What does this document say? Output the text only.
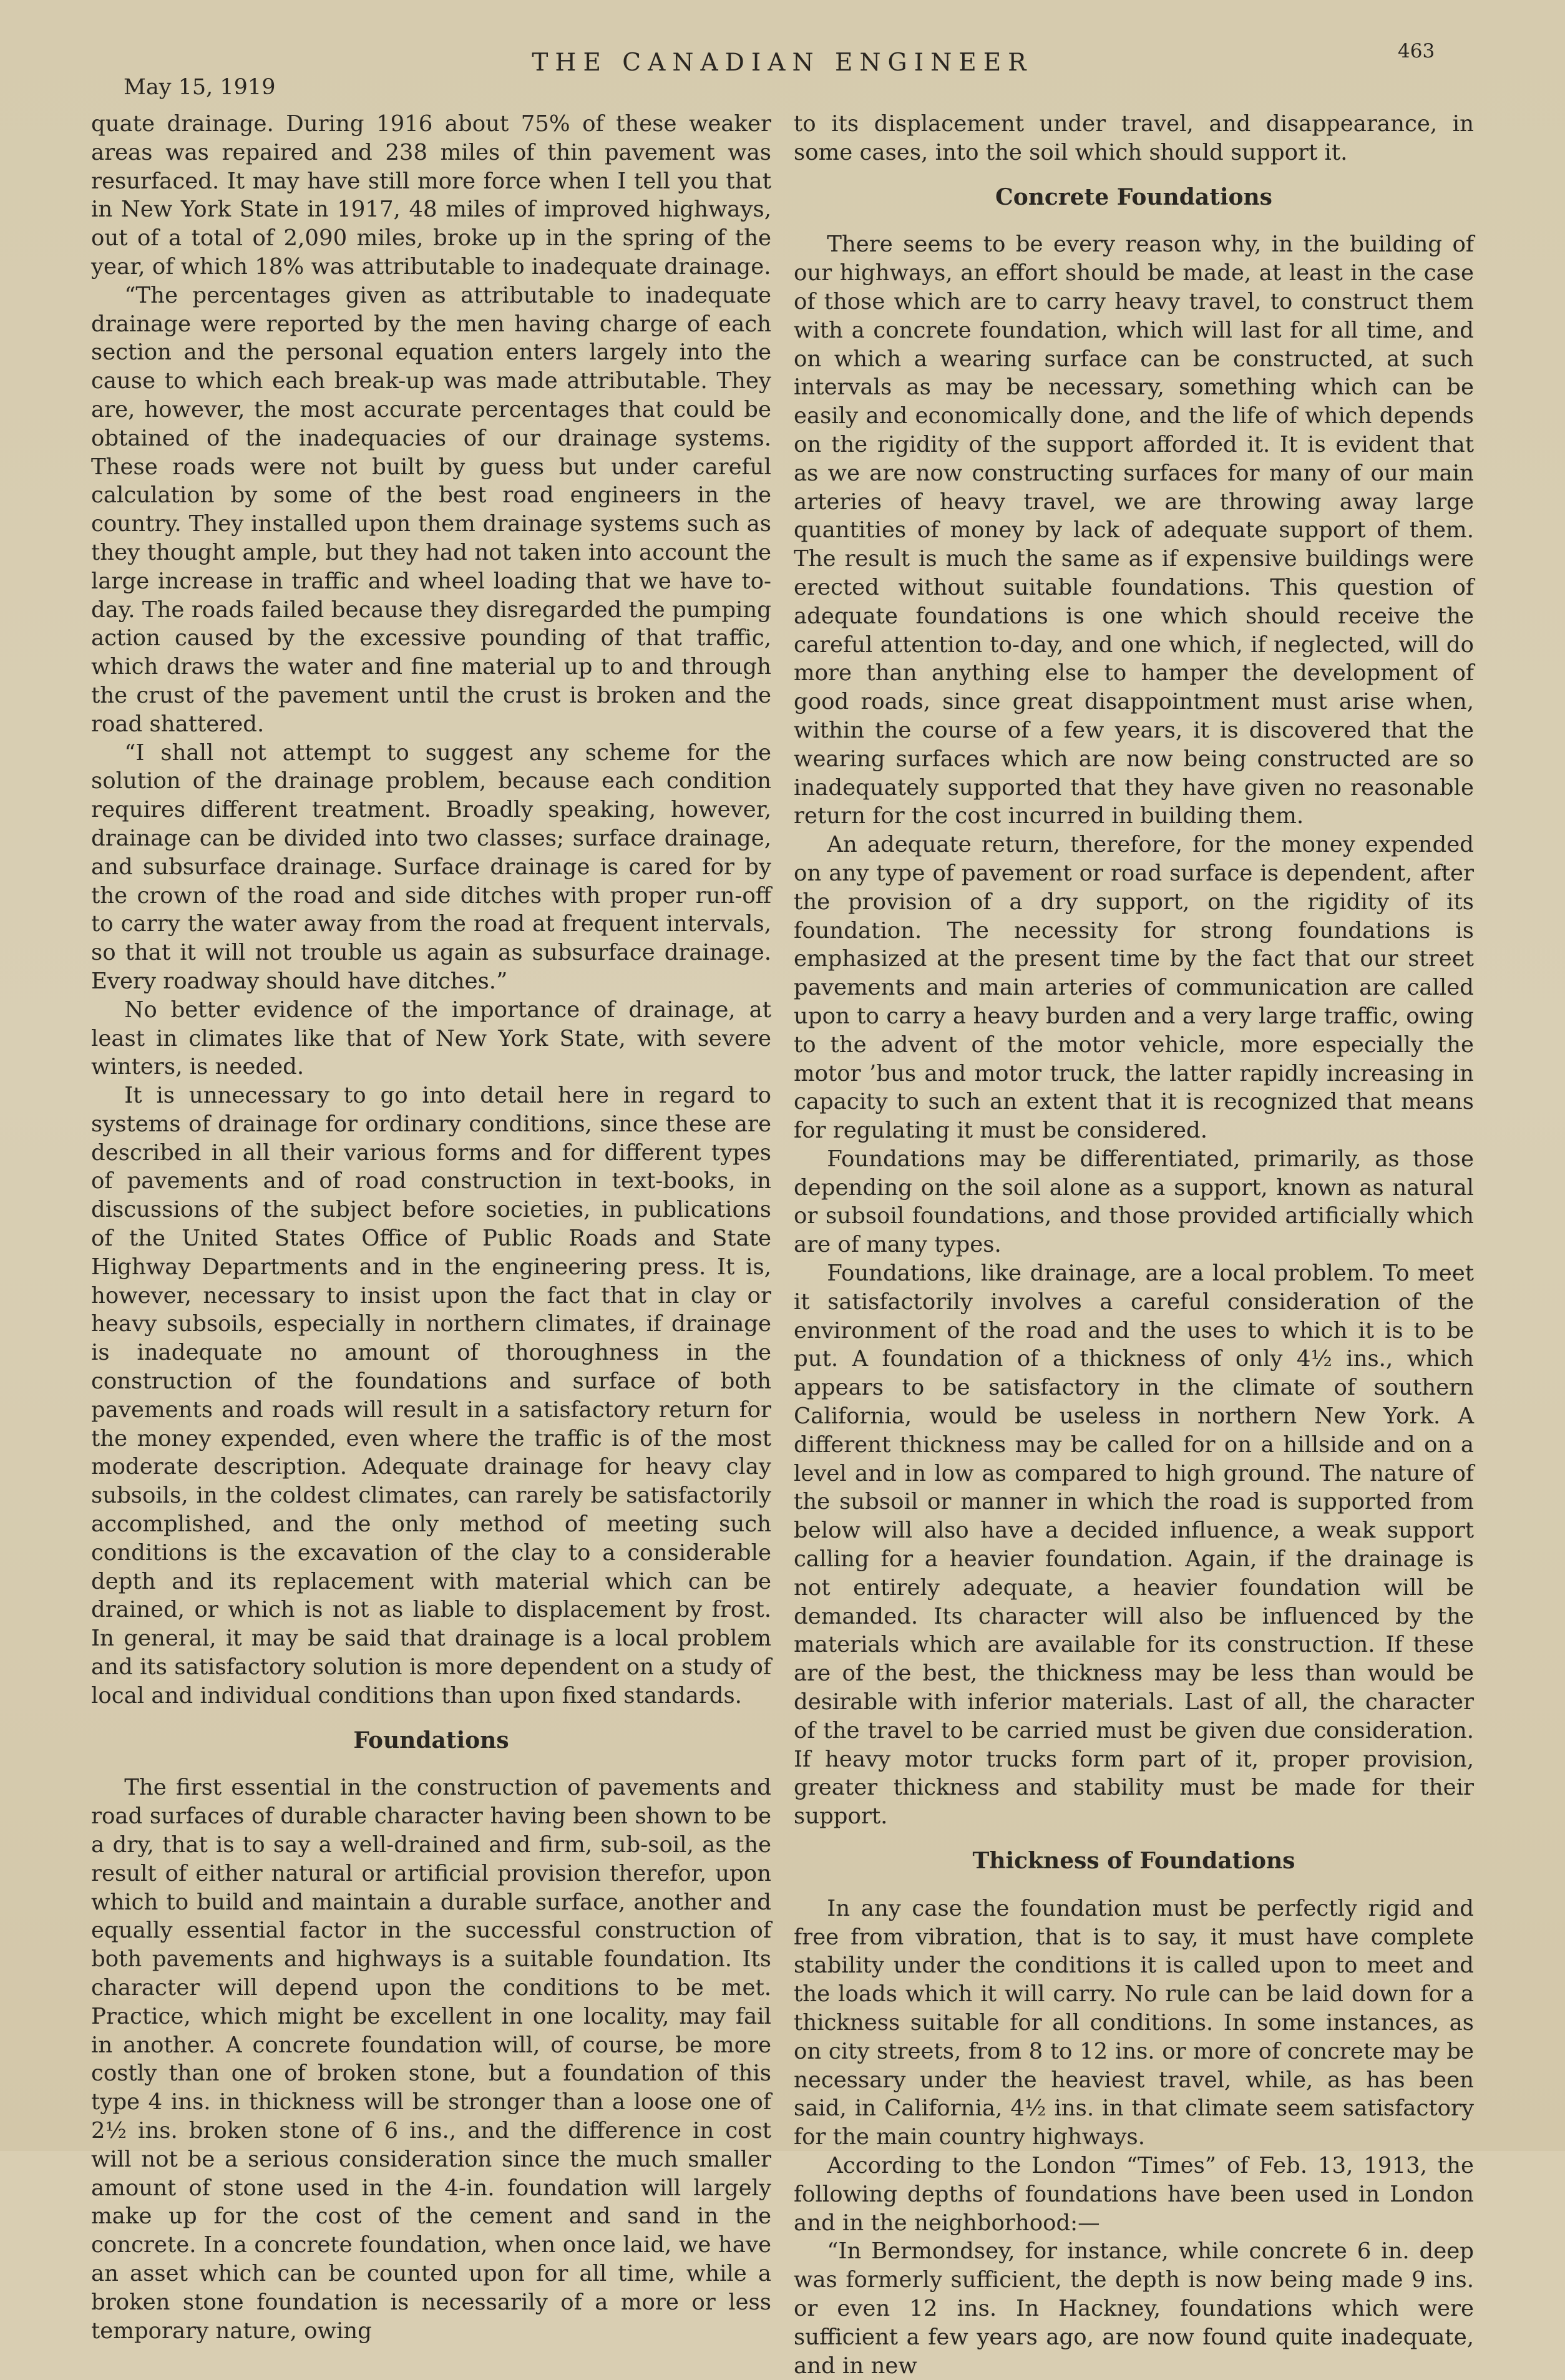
May 15, 1919
THE CANADIAN ENGINEER	463

quate drainage. During 1916 about 75% of these weaker areas was repaired and 238 miles of thin pavement was resurfaced. It may have still more force when I tell you that in New York State in 1917, 48 miles of improved highways, out of a total of 2,090 miles, broke up in the spring of the year, of which 18% was attributable to inadequate drainage.

“The percentages given as attributable to inadequate drainage were reported by the men having charge of each section and the personal equation enters largely into the cause to which each break-up was made attributable. They are, however, the most accurate percentages that could be obtained of the inadequacies of our drainage systems. These roads were not built by guess but under careful calculation by some of the best road engineers in the country. They installed upon them drainage systems such as they thought ample, but they had not taken into account the large increase in traffic and wheel loading that we have to-day. The roads failed because they disregarded the pumping action caused by the excessive pounding of that traffic, which draws the water and fine material up to and through the crust of the pavement until the crust is broken and the road shattered.

“I shall not attempt to suggest any scheme for the solution of the drainage problem, because each condition requires different treatment. Broadly speaking, however, drainage can be divided into two classes; surface drainage, and subsurface drainage. Surface drainage is cared for by the crown of the road and side ditches with proper run-off to carry the water away from the road at frequent intervals, so that it will not trouble us again as subsurface drainage. Every roadway should have ditches.”

No better evidence of the importance of drainage, at least in climates like that of New York State, with severe winters, is needed.

It is unnecessary to go into detail here in regard to systems of drainage for ordinary conditions, since these are described in all their various forms and for different types of pavements and of road construction in text-books, in discussions of the subject before societies, in publications of the United States Office of Public Roads and State Highway Departments and in the engineering press. It is, however, necessary to insist upon the fact that in clay or heavy subsoils, especially in northern climates, if drainage is inadequate no amount of thoroughness in the construction of the foundations and surface of both pavements and roads will result in a satisfactory return for the money expended, even where the traffic is of the most moderate description. Adequate drainage for heavy clay subsoils, in the coldest climates, can rarely be satisfactorily accomplished, and the only method of meeting such conditions is the excavation of the clay to a considerable depth and its replacement with material which can be drained, or which is not as liable to displacement by frost. In general, it may be said that drainage is a local problem and its satisfactory solution is more dependent on a study of local and individual conditions than upon fixed standards.

Foundations

The first essential in the construction of pavements and road surfaces of durable character having been shown to be a dry, that is to say a well-drained and firm, sub-soil, as the result of either natural or artificial provision therefor, upon which to build and maintain a durable surface, another and equally essential factor in the successful construction of both pavements and highways is a suitable foundation. Its character will depend upon the conditions to be met. Practice, which might be excellent in one locality, may fail in another. A concrete foundation will, of course, be more costly than one of broken stone, but a foundation of this type 4 ins. in thickness will be stronger than a loose one of 2½ ins. broken stone of 6 ins., and the difference in cost will not be a serious consideration since the much smaller amount of stone used in the 4-in. foundation will largely make up for the cost of the cement and sand in the concrete. In a concrete foundation, when once laid, we have an asset which can be counted upon for all time, while a broken stone foundation is necessarily of a more or less temporary nature, owing

to its displacement under travel, and disappearance, in some cases, into the soil which should support it.

Concrete Foundations

There seems to be every reason why, in the building of our highways, an effort should be made, at least in the case of those which are to carry heavy travel, to construct them with a concrete foundation, which will last for all time, and on which a wearing surface can be constructed, at such intervals as may be necessary, something which can be easily and economically done, and the life of which depends on the rigidity of the support afforded it. It is evident that as we are now constructing surfaces for many of our main arteries of heavy travel, we are throwing away large quantities of money by lack of adequate support of them. The result is much the same as if expensive buildings were erected without suitable foundations. This question of adequate foundations is one which should receive the careful attention to-day, and one which, if neglected, will do more than anything else to hamper the development of good roads, since great disappointment must arise when, within the course of a few years, it is discovered that the wearing surfaces which are now being constructed are so inadequately supported that they have given no reasonable return for the cost incurred in building them.

An adequate return, therefore, for the money expended on any type of pavement or road surface is dependent, after the provision of a dry support, on the rigidity of its foundation. The necessity for strong foundations is emphasized at the present time by the fact that our street pavements and main arteries of communication are called upon to carry a heavy burden and a very large traffic, owing to the advent of the motor vehicle, more especially the motor ’bus and motor truck, the latter rapidly increasing in capacity to such an extent that it is recognized that means for regulating it must be considered.

Foundations may be differentiated, primarily, as those depending on the soil alone as a support, known as natural or subsoil foundations, and those provided artificially which are of many types.

Foundations, like drainage, are a local problem. To meet it satisfactorily involves a careful consideration of the environment of the road and the uses to which it is to be put. A foundation of a thickness of only 4½ ins., which appears to be satisfactory in the climate of southern California, would be useless in northern New York. A different thickness may be called for on a hillside and on a level and in low as compared to high ground. The nature of the subsoil or manner in which the road is supported from below will also have a decided influence, a weak support calling for a heavier foundation. Again, if the drainage is not entirely adequate, a heavier foundation will be demanded. Its character will also be influenced by the materials which are available for its construction. If these are of the best, the thickness may be less than would be desirable with inferior materials. Last of all, the character of the travel to be carried must be given due consideration. If heavy motor trucks form part of it, proper provision, greater thickness and stability must be made for their support.

Thickness of Foundations

In any case the foundation must be perfectly rigid and free from vibration, that is to say, it must have complete stability under the conditions it is called upon to meet and the loads which it will carry. No rule can be laid down for a thickness suitable for all conditions. In some instances, as on city streets, from 8 to 12 ins. or more of concrete may be necessary under the heaviest travel, while, as has been said, in California, 4½ ins. in that climate seem satisfactory for the main country highways.

According to the London “Times” of Feb. 13, 1913, the following depths of foundations have been used in London and in the neighborhood:—

“In Bermondsey, for instance, while concrete 6 in. deep was formerly sufficient, the depth is now being made 9 ins. or even 12 ins. In Hackney, foundations which were sufficient a few years ago, are now found quite inadequate, and in new
